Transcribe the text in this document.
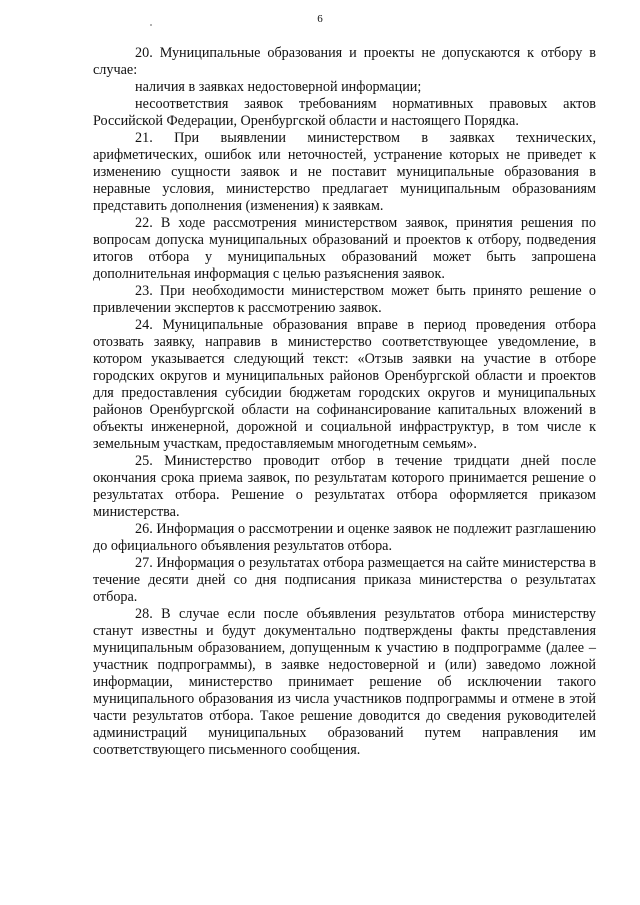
6

20. Муниципальные образования и проекты не допускаются к отбору в случае:

наличия в заявках недостоверной информации;

несоответствия заявок требованиям нормативных правовых актов Российской Федерации, Оренбургской области и настоящего Порядка.

21. При выявлении министерством в заявках технических, арифметических, ошибок или неточностей, устранение которых не приведет к изменению сущности заявок и не поставит муниципальные образования в неравные условия, министерство предлагает муниципальным образованиям представить дополнения (изменения) к заявкам.

22. В ходе рассмотрения министерством заявок, принятия решения по вопросам допуска муниципальных образований и проектов к отбору, подведения итогов отбора у муниципальных образований может быть запрошена дополнительная информация с целью разъяснения заявок.

23. При необходимости министерством может быть принято решение о привлечении экспертов к рассмотрению заявок.

24. Муниципальные образования вправе в период проведения отбора отозвать заявку, направив в министерство соответствующее уведомление, в котором указывается следующий текст: «Отзыв заявки на участие в отборе городских округов и муниципальных районов Оренбургской области и проектов для предоставления субсидии бюджетам городских округов и муниципальных районов Оренбургской области на софинансирование капитальных вложений в объекты инженерной, дорожной и социальной инфраструктур, в том числе к земельным участкам, предоставляемым многодетным семьям».

25. Министерство проводит отбор в течение тридцати дней после окончания срока приема заявок, по результатам которого принимается решение о результатах отбора. Решение о результатах отбора оформляется приказом министерства.

26. Информация о рассмотрении и оценке заявок не подлежит разглашению до официального объявления результатов отбора.

27. Информация о результатах отбора размещается на сайте министерства в течение десяти дней со дня подписания приказа министерства о результатах отбора.

28. В случае если после объявления результатов отбора министерству станут известны и будут документально подтверждены факты представления муниципальным образованием, допущенным к участию в подпрограмме (далее – участник подпрограммы), в заявке недостоверной и (или) заведомо ложной информации, министерство принимает решение об исключении такого муниципального образования из числа участников подпрограммы и отмене в этой части результатов отбора. Такое решение доводится до сведения руководителей администраций муниципальных образований путем направления им соответствующего письменного сообщения.
